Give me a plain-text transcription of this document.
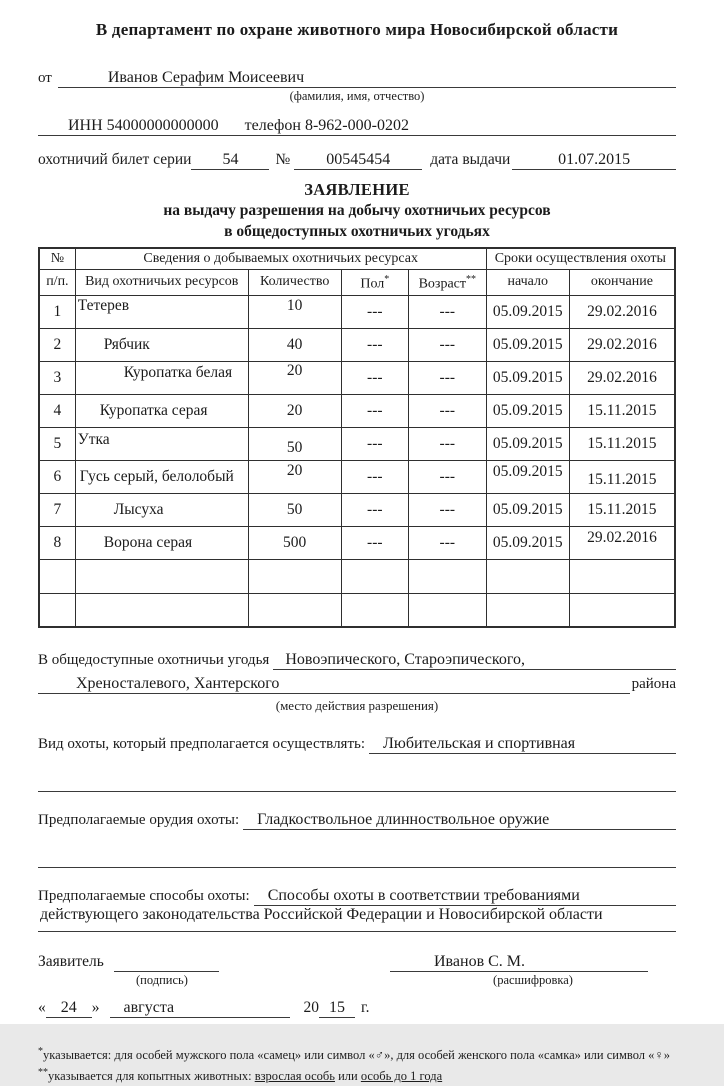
В департамент по охране животного мира Новосибирской области
от	Иванов Серафим Моисеевич
(фамилия, имя, отчество)
ИНН 54000000000000 телефон 8-962-000-0202
охотничий билет серии	54	№	00545454	дата выдачи	01.07.2015
ЗАЯВЛЕНИЕ
на выдачу разрешения на добычу охотничьих ресурсов
в общедоступных охотничьих угодьях
№	Сведения о добываемых охотничьих ресурсах				Сроки осуществления охоты	
п/п.	Вид охотничьих ресурсов	Количество	Пол*	Возраст**	начало	окончание
1	Тетерев	10	---	---	05.09.2015	29.02.2016
2	Рябчик	40	---	---	05.09.2015	29.02.2016
3	Куропатка белая	20	---	---	05.09.2015	29.02.2016
4	Куропатка серая	20	---	---	05.09.2015	15.11.2015
5	Утка	50	---	---	05.09.2015	15.11.2015
6	Гусь серый, белолобый	20	---	---	05.09.2015	15.11.2015
7	Лысуха	50	---	---	05.09.2015	15.11.2015
8	Ворона серая	500	---	---	05.09.2015	29.02.2016

В общедоступные охотничьи угодья	Новоэпического, Староэпического,
Хреносталевого, Хантерского	района
(место действия разрешения)
Вид охоты, который предполагается осуществлять:	Любительская и спортивная
Предполагаемые орудия охоты:	Гладкоствольное длинноствольное оружие
Предполагаемые способы охоты:	Способы охоты в соответствии требованиями
действующего законодательства Российской Федерации и Новосибирской области
Заявитель	Иванов С. М.
(подпись)	(расшифровка)
« 24 »	августа	20 15	г.
*указывается: для особей мужского пола «самец» или символ «♂», для особей женского пола «самка» или символ «♀»
**указывается для копытных животных: взрослая особь или особь до 1 года
